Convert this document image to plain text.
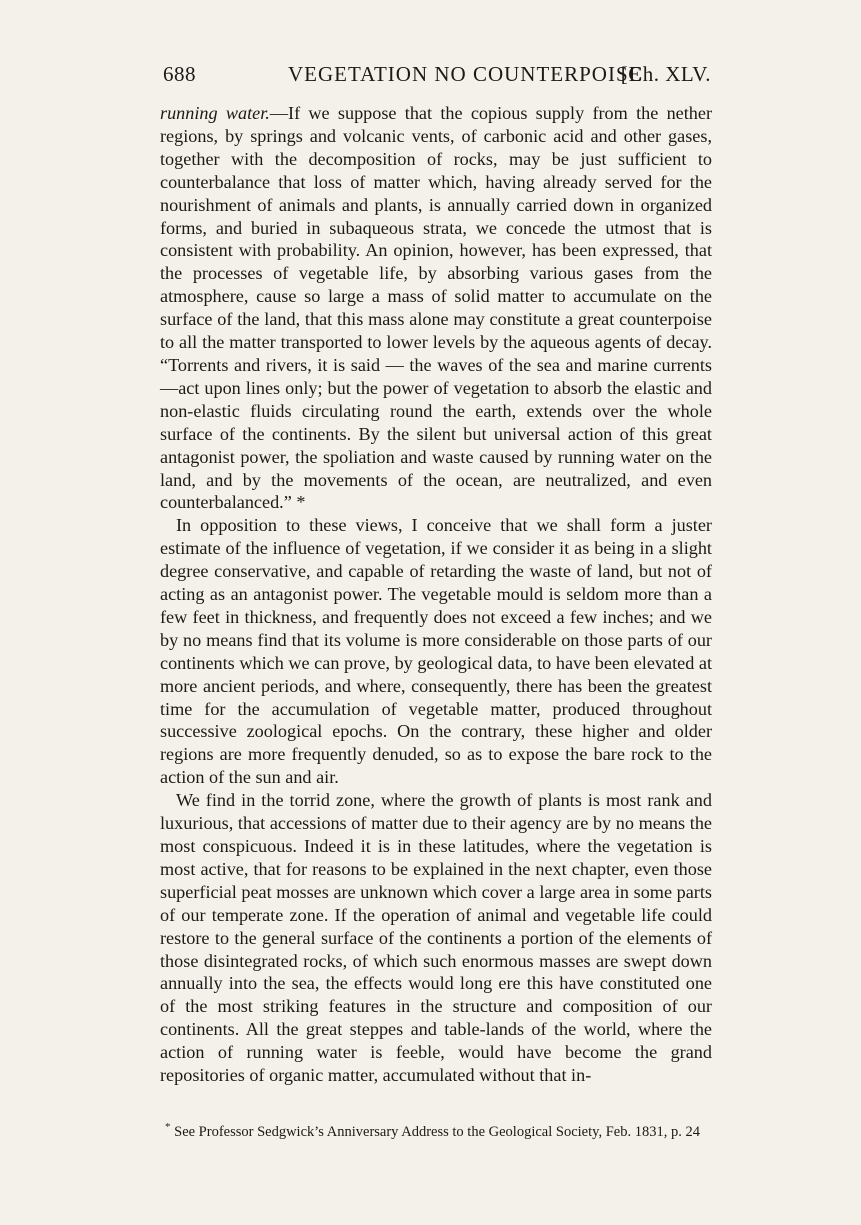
688	VEGETATION NO COUNTERPOISE
[Ch. XLV.

running water.—If we suppose that the copious supply from the nether regions, by springs and volcanic vents, of carbonic acid and other gases, together with the decomposition of rocks, may be just sufficient to counterbalance that loss of matter which, having already served for the nourishment of animals and plants, is annually carried down in organized forms, and buried in subaqueous strata, we concede the utmost that is consistent with probability. An opinion, however, has been expressed, that the processes of vegetable life, by absorbing various gases from the atmosphere, cause so large a mass of solid matter to accumulate on the surface of the land, that this mass alone may constitute a great counterpoise to all the matter transported to lower levels by the aqueous agents of decay. “Torrents and rivers, it is said — the waves of the sea and marine currents—act upon lines only; but the power of vegetation to absorb the elastic and non-elastic fluids circulating round the earth, extends over the whole surface of the continents. By the silent but universal action of this great antagonist power, the spoliation and waste caused by running water on the land, and by the movements of the ocean, are neutralized, and even counterbalanced.” *

In opposition to these views, I conceive that we shall form a juster estimate of the influence of vegetation, if we consider it as being in a slight degree conservative, and capable of retarding the waste of land, but not of acting as an antagonist power. The vegetable mould is seldom more than a few feet in thickness, and frequently does not exceed a few inches; and we by no means find that its volume is more considerable on those parts of our continents which we can prove, by geological data, to have been elevated at more ancient periods, and where, consequently, there has been the greatest time for the accumulation of vegetable matter, produced throughout successive zoological epochs. On the contrary, these higher and older regions are more frequently denuded, so as to expose the bare rock to the action of the sun and air.

We find in the torrid zone, where the growth of plants is most rank and luxurious, that accessions of matter due to their agency are by no means the most conspicuous. Indeed it is in these latitudes, where the vegetation is most active, that for reasons to be explained in the next chapter, even those superficial peat mosses are unknown which cover a large area in some parts of our temperate zone. If the operation of animal and vegetable life could restore to the general surface of the continents a portion of the elements of those disintegrated rocks, of which such enormous masses are swept down annually into the sea, the effects would long ere this have constituted one of the most striking features in the structure and composition of our continents. All the great steppes and table-lands of the world, where the action of running water is feeble, would have become the grand repositories of organic matter, accumulated without that in-

* See Professor Sedgwick’s Anniversary Address to the Geological Society, Feb. 1831, p. 24
